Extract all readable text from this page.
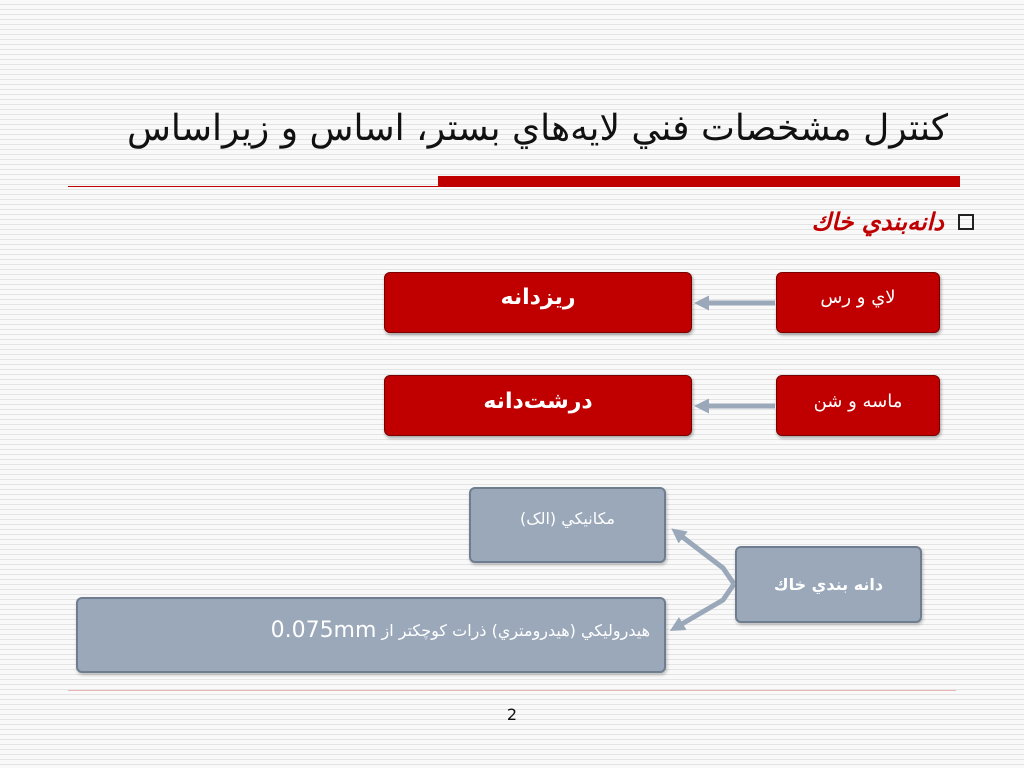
كنترل مشخصات فني لايه‌هاي بستر، اساس و زيراساس
دانه‌بندي خاك
ريزدانه	لاي و رس
درشت‌دانه	ماسه و شن
مكانيكي (الک)
دانه بندي خاك
هيدروليكي (هيدرومتري) ذرات كوچكتر از

0.075mm
2
